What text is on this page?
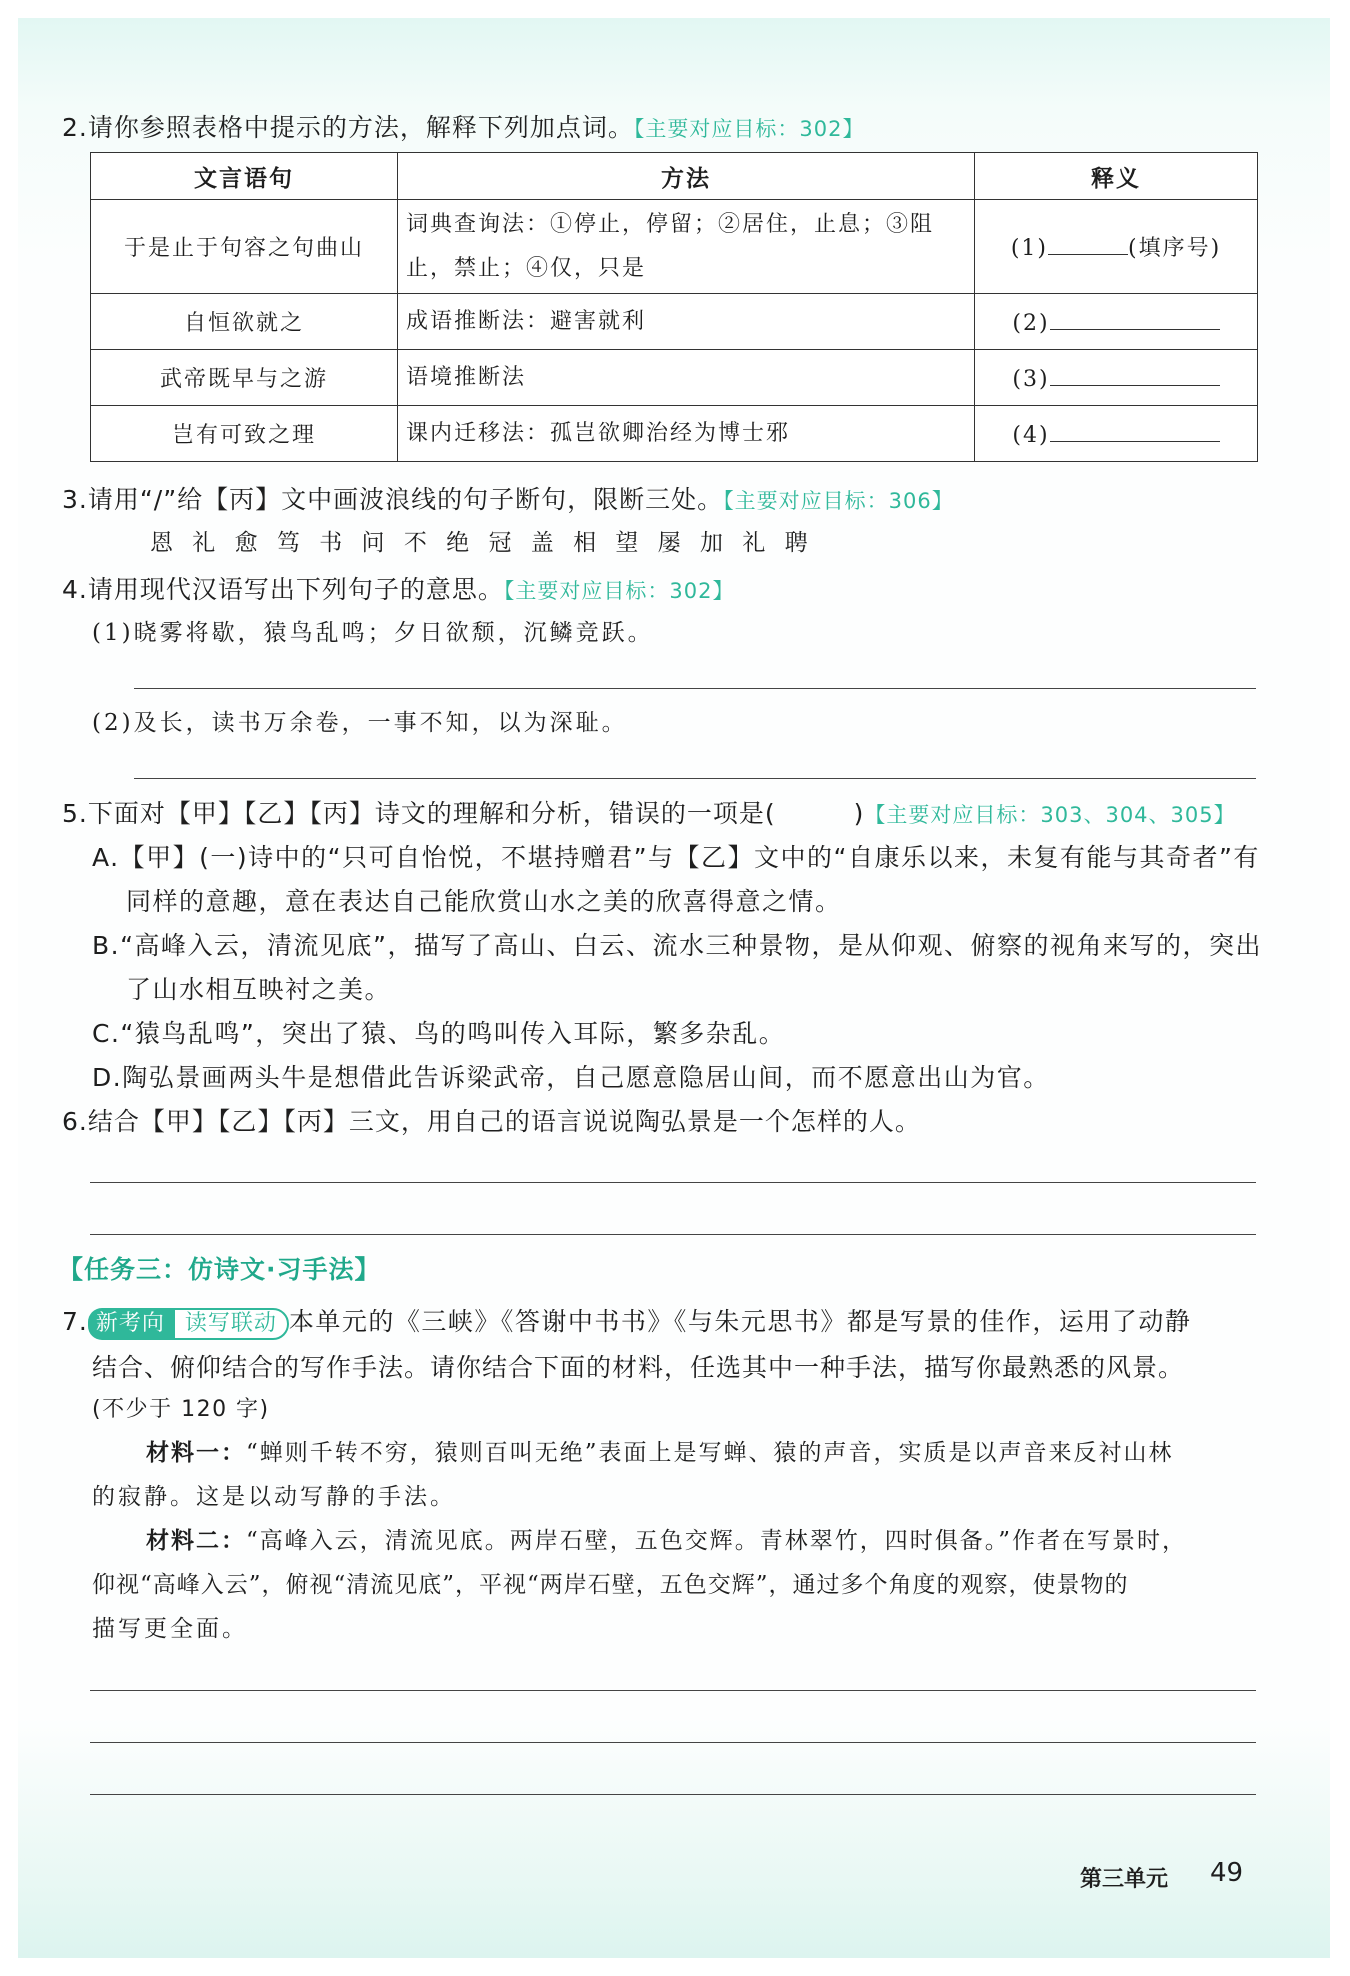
2.请你参照表格中提示的方法，解释下列加点词。【主要对应目标：302】
文言语句	方法	释义
于是止于句容之句曲山	词典查询法：①停止，停留；②居住，止息；③阻止，禁止；④仅，只是	(1) (填序号)
自恒欲就之	成语推断法：避害就利	(2)
武帝既早与之游	语境推断法	(3)
岂有可致之理	课内迁移法：孤岂欲卿治经为博士邪	(4)
3.请用“/”给【丙】文中画波浪线的句子断句，限断三处。【主要对应目标：306】
恩 礼 愈 笃 书 问 不 绝 冠 盖 相 望 屡 加 礼 聘
4.请用现代汉语写出下列句子的意思。【主要对应目标：302】
(1)晓雾将歇，猿鸟乱鸣；夕日欲颓，沉鳞竞跃。
(2)及长，读书万余卷，一事不知，以为深耻。
5.下面对【甲】【乙】【丙】诗文的理解和分析，错误的一项是(　　　)【主要对应目标：303、304、305】
A.【甲】(一)诗中的“只可自怡悦，不堪持赠君”与【乙】文中的“自康乐以来，未复有能与其奇者”有
同样的意趣，意在表达自己能欣赏山水之美的欣喜得意之情。
B.“高峰入云，清流见底”，描写了高山、白云、流水三种景物，是从仰观、俯察的视角来写的，突出
了山水相互映衬之美。
C.“猿鸟乱鸣”，突出了猿、鸟的鸣叫传入耳际，繁多杂乱。
D.陶弘景画两头牛是想借此告诉梁武帝，自己愿意隐居山间，而不愿意出山为官。
6.结合【甲】【乙】【丙】三文，用自己的语言说说陶弘景是一个怎样的人。
【任务三：仿诗文·习手法】
7. 新考向 读写联动 本单元的《三峡》《答谢中书书》《与朱元思书》都是写景的佳作，运用了动静
结合、俯仰结合的写作手法。请你结合下面的材料，任选其中一种手法，描写你最熟悉的风景。
(不少于 120 字)
材料一：“蝉则千转不穷，猿则百叫无绝”表面上是写蝉、猿的声音，实质是以声音来反衬山林
的寂静。这是以动写静的手法。
材料二：“高峰入云，清流见底。两岸石壁，五色交辉。青林翠竹，四时俱备。”作者在写景时，
仰视“高峰入云”，俯视“清流见底”，平视“两岸石壁，五色交辉”，通过多个角度的观察，使景物的
描写更全面。
第三单元 49
